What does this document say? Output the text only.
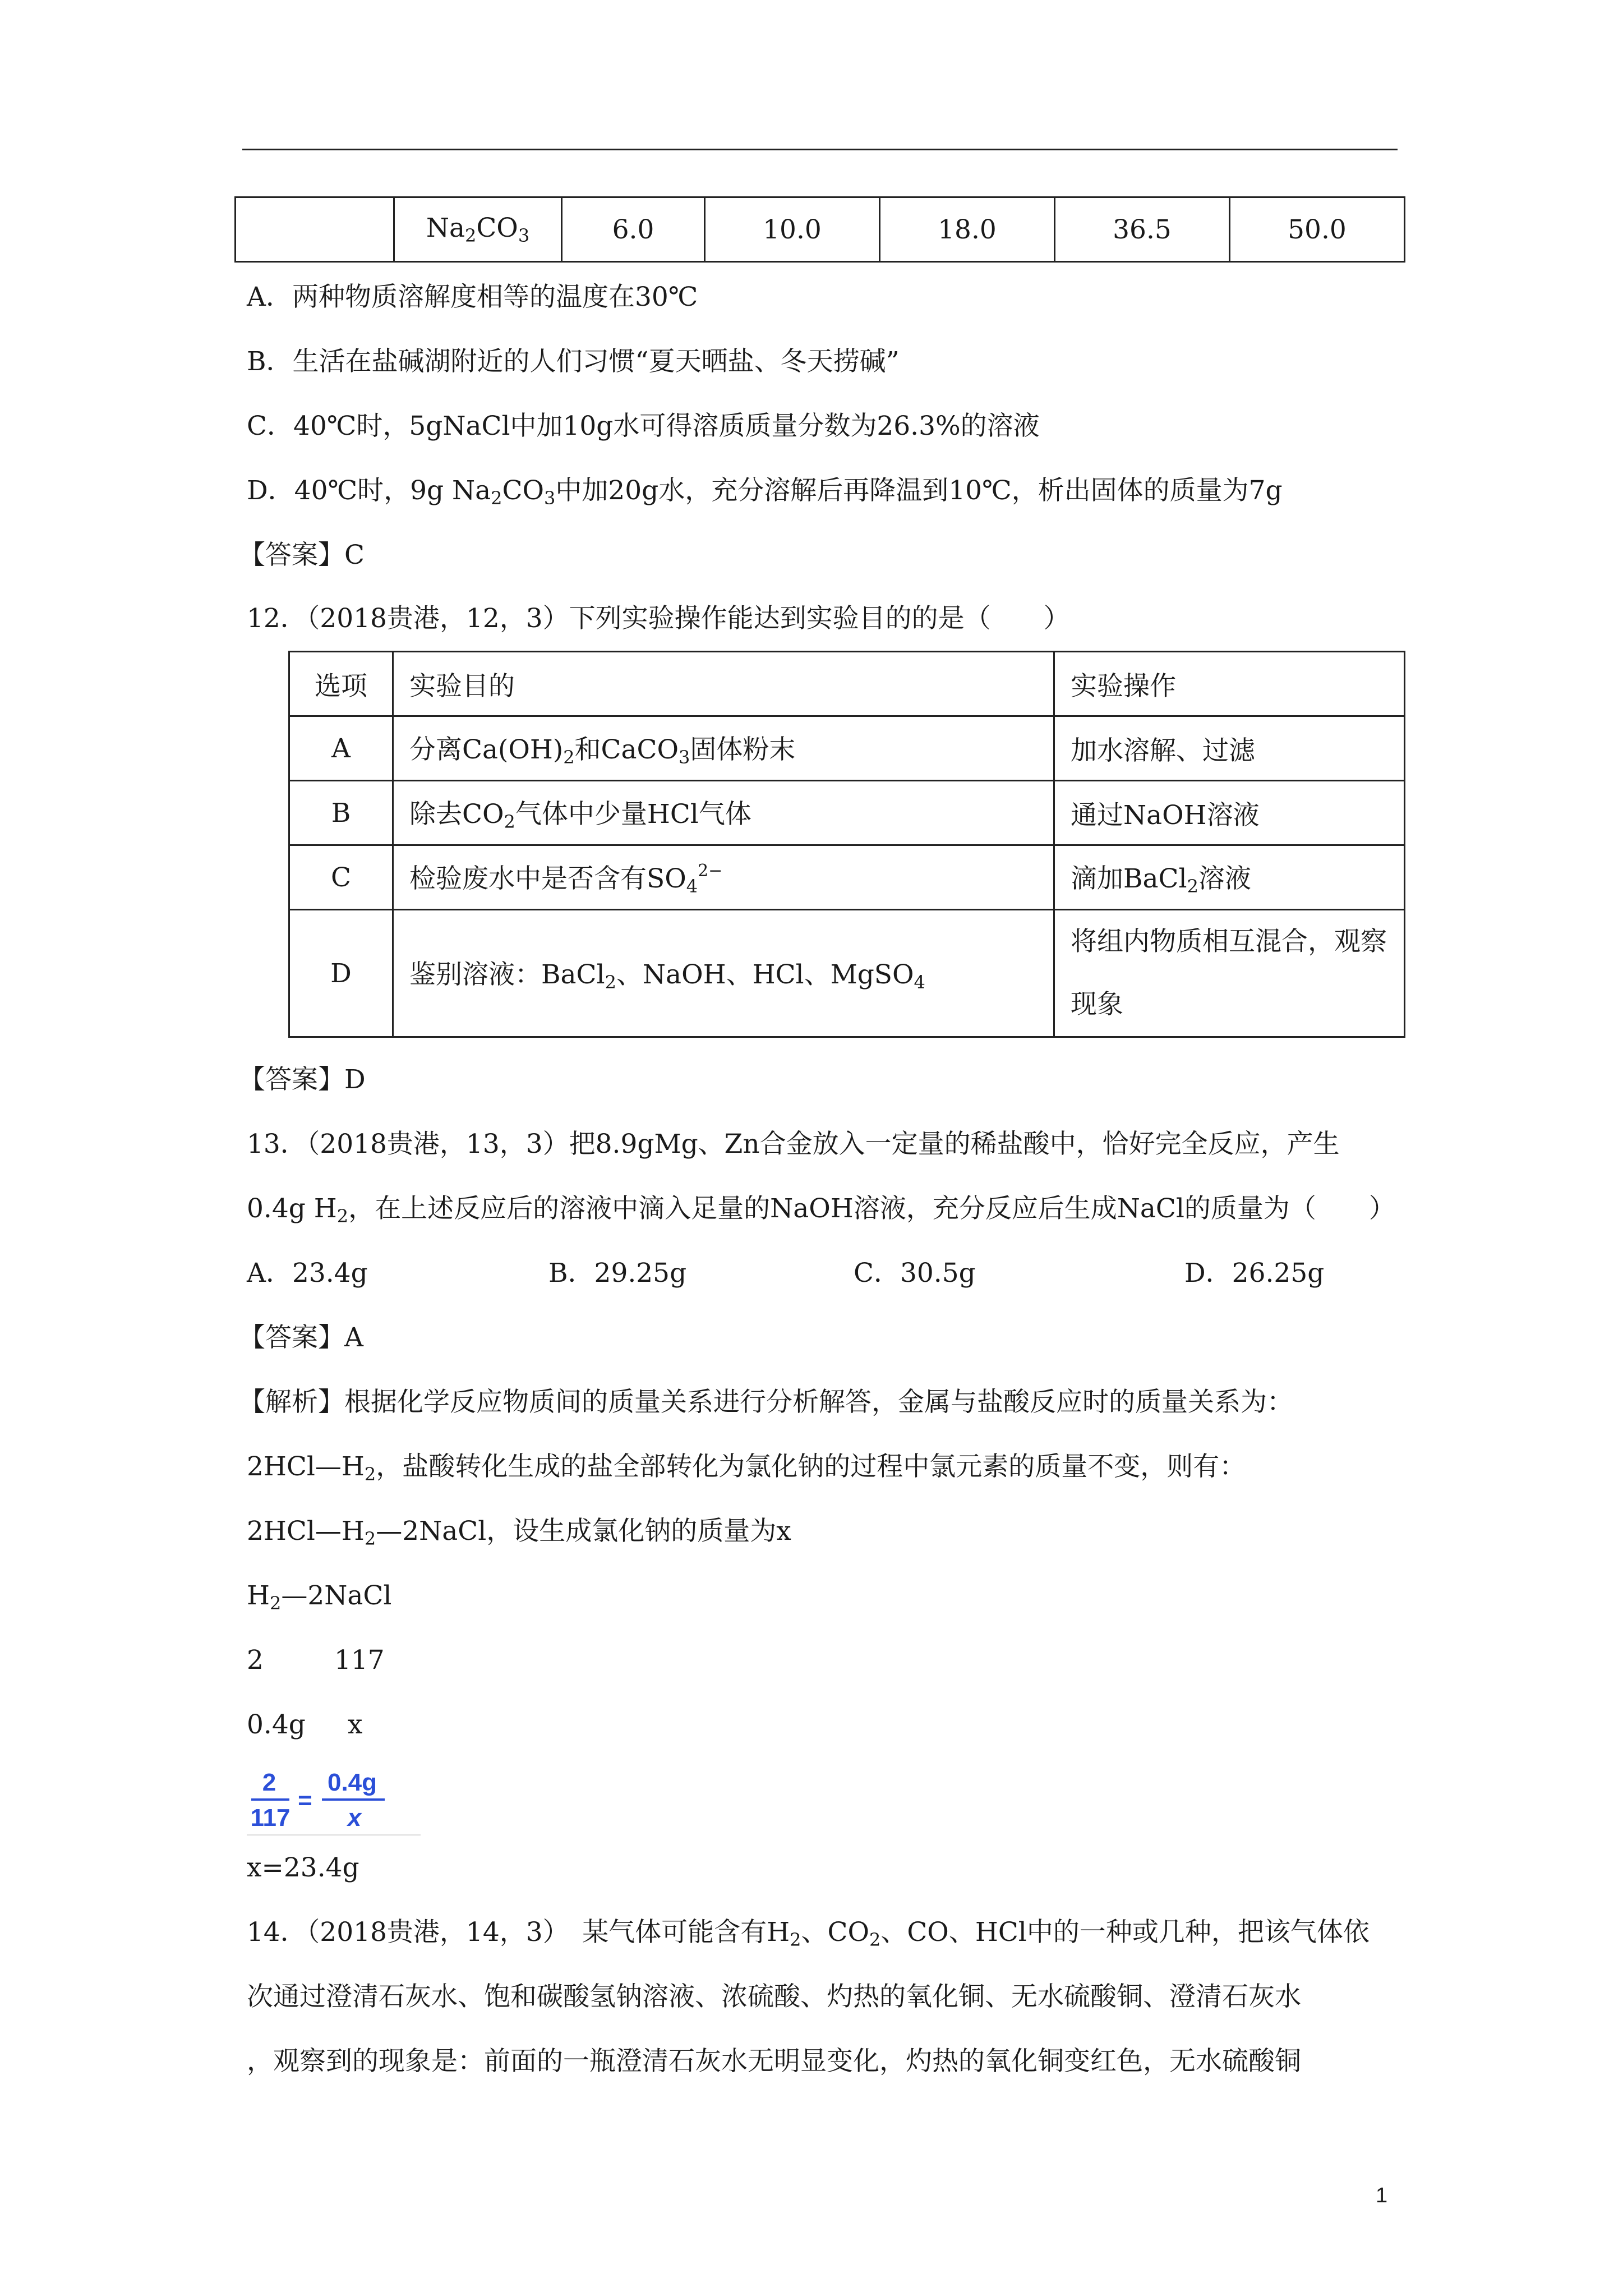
	$Na_2CO_3$	6.0	10.0	18.0	36.5	50.0
A．两种物质溶解度相等的温度在30℃
B．生活在盐碱湖附近的人们习惯“夏天晒盐、冬天捞碱”
C．40℃时，5gNaCl中加10g水可得溶质质量分数为26.3%的溶液
D．40℃时，9g $Na_2CO_3$中加20g水，充分溶解后再降温到10℃，析出固体的质量为7g
【答案】C
12．（2018贵港，12，3）下列实验操作能达到实验目的的是（　　）
选项	实验目的	实验操作
A	分离$Ca(OH)_2$和CaCO$_3$固体粉末	加水溶解、过滤
B	除去$CO_2$气体中少量HCl气体	通过NaOH溶液
C	检验废水中是否含有$SO_4^{2-}$	滴加BaCl$_2$溶液
D	鉴别溶液：BaCl$_2$、NaOH、HCl、MgSO$_4$	将组内物质相互混合，观察
现象
【答案】D
13．（2018贵港，13，3）把8.9gMg、Zn合金放入一定量的稀盐酸中，恰好完全反应，产生
0.4g $H_2$，在上述反应后的溶液中滴入足量的NaOH溶液，充分反应后生成NaCl的质量为（　　）
A．23.4g	B．29.25g	C．30.5g	D．26.25g
【答案】A
【解析】根据化学反应物质间的质量关系进行分析解答，金属与盐酸反应时的质量关系为：
$2HCl—H_2$，盐酸转化生成的盐全部转化为氯化钠的过程中氯元素的质量不变，则有：
$2HCl—H_2—2NaCl$，设生成氯化钠的质量为x
$H_2—2NaCl$
2	117
0.4g x
2
117
=
0.4g
x
x=23.4g
14．（2018贵港，14，3）　某气体可能含有$H_2$、$CO_2$、CO、HCl中的一种或几种，把该气体依
次通过澄清石灰水、饱和碳酸氢钠溶液、浓硫酸、灼热的氧化铜、无水硫酸铜、澄清石灰水
，观察到的现象是：前面的一瓶澄清石灰水无明显变化，灼热的氧化铜变红色，无水硫酸铜
1
